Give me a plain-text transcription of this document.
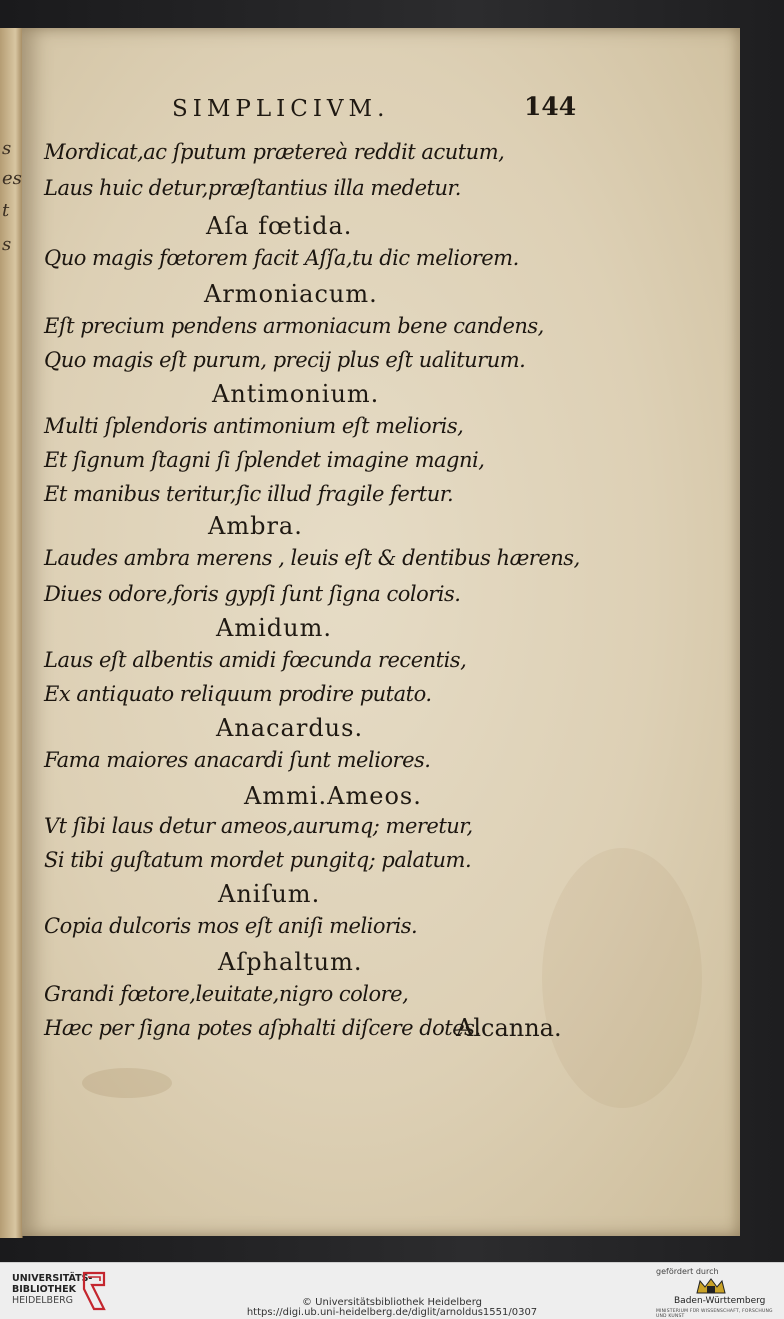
s
es
t
s
SIMPLICIVM.	144
Mordicat,ac ſputum prætereà reddit acutum,
Laus huic detur,præſtantius illa medetur.
Aſa fœtida.
Quo magis fœtorem facit Aſſa,tu dic meliorem.
Armoniacum.
Eſt precium pendens armoniacum bene candens,
Quo magis eſt purum, precij plus eſt ualiturum.
Antimonium.
Multi ſplendoris antimonium eſt melioris,
Et ſignum ſtagni ſi ſplendet imagine magni,
Et manibus teritur,ſic illud fragile fertur.
Ambra.
Laudes ambra merens , leuis eſt & dentibus hærens,
Diues odore,foris gypſi ſunt ſigna coloris.
Amidum.
Laus eſt albentis amidi fœcunda recentis,
Ex antiquato reliquum prodire putato.
Anacardus.
Fama maiores anacardi ſunt meliores.
Ammi.Ameos.
Vt ſibi laus detur ameos,aurumq; meretur,
Si tibi guſtatum mordet pungitq; palatum.
Aniſum.
Copia dulcoris mos eſt aniſi melioris.
Aſphaltum.
Grandi fœtore,leuitate,nigro colore,
Hæc per ſigna potes aſphalti diſcere dotes.
Alcanna.
UNIVERSITÄTS-
BIBLIOTHEK
HEIDELBERG	© Universitätsbibliothek Heidelberg
https://digi.ub.uni-heidelberg.de/diglit/arnoldus1551/0307
gefördert durch
Baden-Württemberg
MINISTERIUM FÜR WISSENSCHAFT, FORSCHUNG UND KUNST
